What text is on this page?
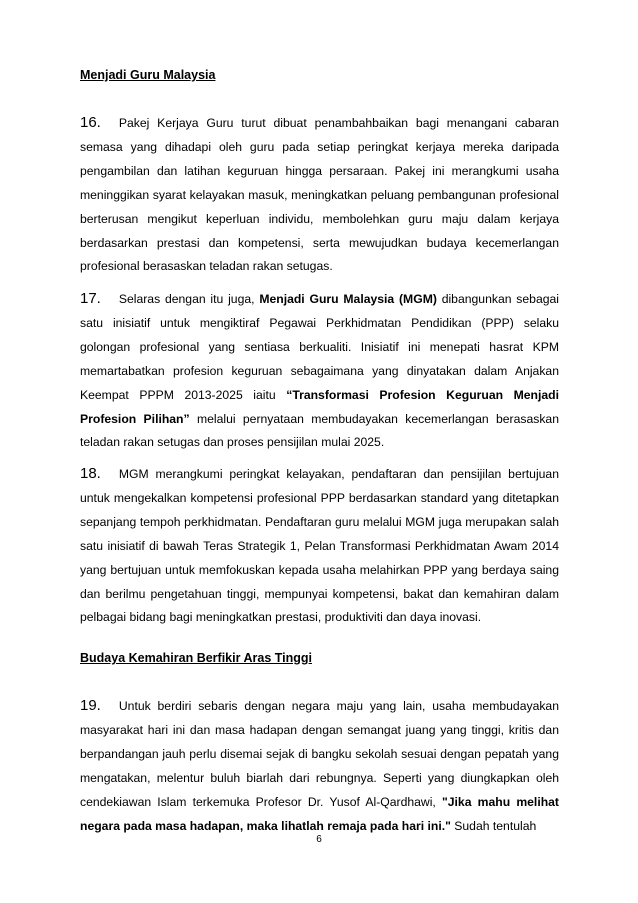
Menjadi Guru Malaysia
16. Pakej Kerjaya Guru turut dibuat penambahbaikan bagi menangani cabaran semasa yang dihadapi oleh guru pada setiap peringkat kerjaya mereka daripada pengambilan dan latihan keguruan hingga persaraan. Pakej ini merangkumi usaha meninggikan syarat kelayakan masuk, meningkatkan peluang pembangunan profesional berterusan mengikut keperluan individu, membolehkan guru maju dalam kerjaya berdasarkan prestasi dan kompetensi, serta mewujudkan budaya kecemerlangan profesional berasaskan teladan rakan setugas.
17. Selaras dengan itu juga, Menjadi Guru Malaysia (MGM) dibangunkan sebagai satu inisiatif untuk mengiktiraf Pegawai Perkhidmatan Pendidikan (PPP) selaku golongan profesional yang sentiasa berkualiti. Inisiatif ini menepati hasrat KPM memartabatkan profesion keguruan sebagaimana yang dinyatakan dalam Anjakan Keempat PPPM 2013-2025 iaitu “Transformasi Profesion Keguruan Menjadi Profesion Pilihan” melalui pernyataan membudayakan kecemerlangan berasaskan teladan rakan setugas dan proses pensijilan mulai 2025.
18. MGM merangkumi peringkat kelayakan, pendaftaran dan pensijilan bertujuan untuk mengekalkan kompetensi profesional PPP berdasarkan standard yang ditetapkan sepanjang tempoh perkhidmatan. Pendaftaran guru melalui MGM juga merupakan salah satu inisiatif di bawah Teras Strategik 1, Pelan Transformasi Perkhidmatan Awam 2014 yang bertujuan untuk memfokuskan kepada usaha melahirkan PPP yang berdaya saing dan berilmu pengetahuan tinggi, mempunyai kompetensi, bakat dan kemahiran dalam pelbagai bidang bagi meningkatkan prestasi, produktiviti dan daya inovasi.
Budaya Kemahiran Berfikir Aras Tinggi
19. Untuk berdiri sebaris dengan negara maju yang lain, usaha membudayakan masyarakat hari ini dan masa hadapan dengan semangat juang yang tinggi, kritis dan berpandangan jauh perlu disemai sejak di bangku sekolah sesuai dengan pepatah yang mengatakan, melentur buluh biarlah dari rebungnya. Seperti yang diungkapkan oleh cendekiawan Islam terkemuka Profesor Dr. Yusof Al-Qardhawi, "Jika mahu melihat negara pada masa hadapan, maka lihatlah remaja pada hari ini." Sudah tentulah
6
